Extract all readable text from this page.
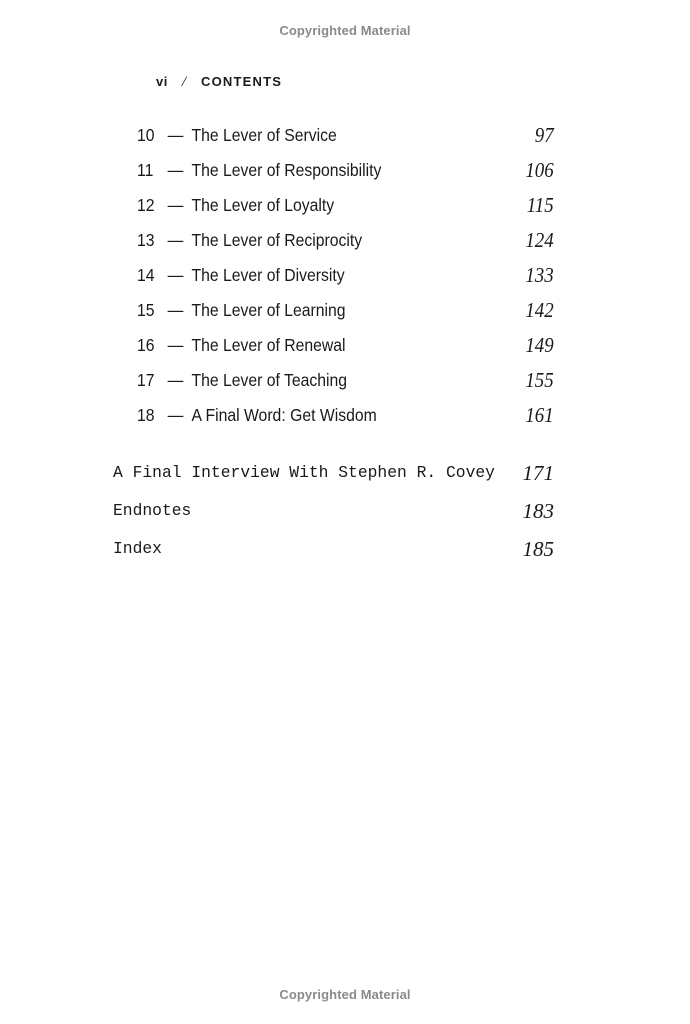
Copyrighted Material
vi / CONTENTS
10 — The Lever of Service	97
11 — The Lever of Responsibility	106
12 — The Lever of Loyalty	115
13 — The Lever of Reciprocity	124
14 — The Lever of Diversity	133
15 — The Lever of Learning	142
16 — The Lever of Renewal	149
17 — The Lever of Teaching	155
18 — A Final Word: Get Wisdom	161
A Final Interview With Stephen R. Covey 171
Endnotes	183
Index	185
Copyrighted Material
